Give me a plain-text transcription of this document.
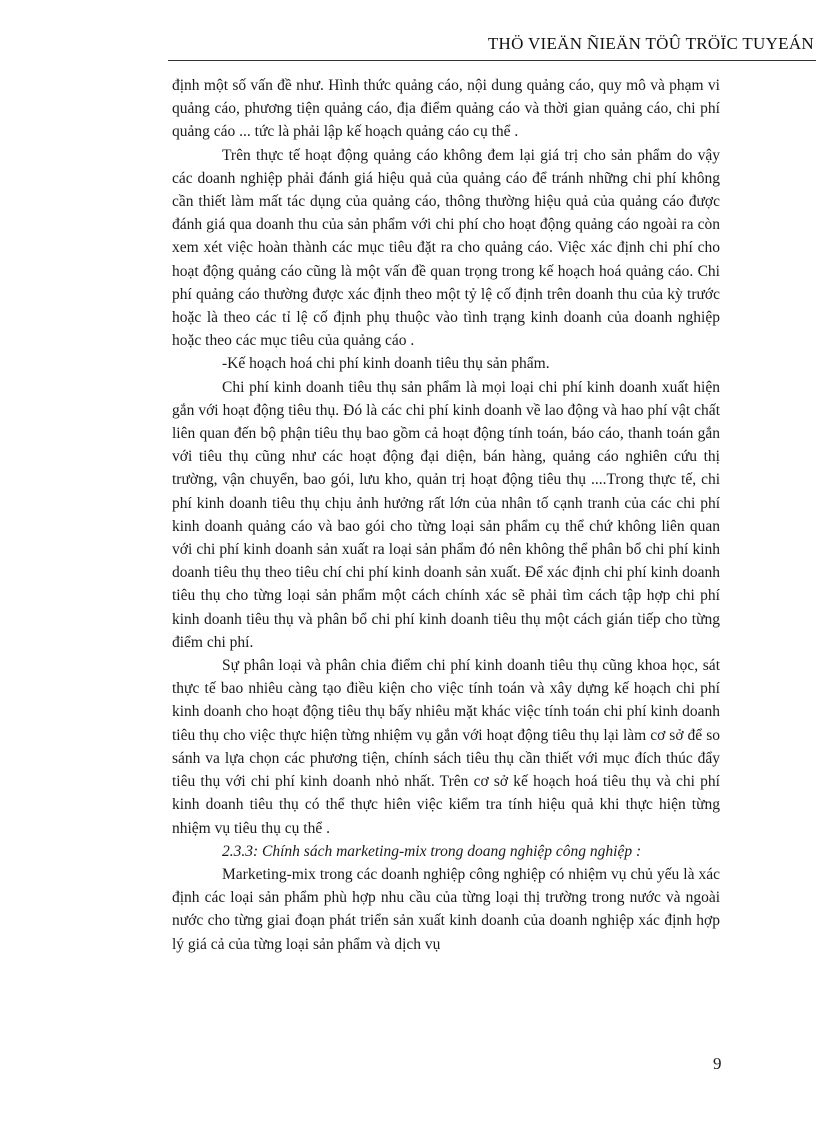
THÖ VIEÄN ÑIEÄN TÖÛ TRÖÏC TUYEÁN

định một số vấn đề như. Hình thức quảng cáo, nội dung quảng cáo, quy mô và phạm vi quảng cáo, phương tiện quảng cáo, địa điểm quảng cáo và thời gian quảng cáo, chi phí quảng cáo ... tức là phải lập kế hoạch quảng cáo cụ thể .

Trên thực tế hoạt động quảng cáo không đem lại giá trị cho sản phẩm do vậy các doanh nghiệp phải đánh giá hiệu quả của quảng cáo để tránh những chi phí không cần thiết làm mất tác dụng của quảng cáo, thông thường hiệu quả của quảng cáo được đánh giá qua doanh thu của sản phẩm với chi phí cho hoạt động quảng cáo ngoài ra còn xem xét việc hoàn thành các mục tiêu đặt ra cho quảng cáo. Việc xác định chi phí cho hoạt động quảng cáo cũng là một vấn đề quan trọng trong kế hoạch hoá quảng cáo. Chi phí quảng cáo thường được xác định theo một tỷ lệ cố định trên doanh thu của kỳ trước hoặc là theo các tỉ lệ cố định phụ thuộc vào tình trạng kinh doanh của doanh nghiệp hoặc theo các mục tiêu của quảng cáo .

-Kế hoạch hoá chi phí kinh doanh tiêu thụ sản phẩm.

Chi phí kinh doanh tiêu thụ sản phẩm là mọi loại chi phí kinh doanh xuất hiện gắn với hoạt động tiêu thụ. Đó là các chi phí kinh doanh về lao động và hao phí vật chất liên quan đến bộ phận tiêu thụ bao gồm cả hoạt động tính toán, báo cáo, thanh toán gắn với tiêu thụ cũng như các hoạt động đại diện, bán hàng, quảng cáo nghiên cứu thị trường, vận chuyển, bao gói, lưu kho, quản trị hoạt động tiêu thụ ....Trong thực tế, chi phí kinh doanh tiêu thụ chịu ảnh hưởng rất lớn của nhân tố cạnh tranh của các chi phí kinh doanh quảng cáo và bao gói cho từng loại sản phẩm cụ thể chứ không liên quan với chi phí kinh doanh sản xuất ra loại sản phẩm đó nên không thể phân bổ chi phí kinh doanh tiêu thụ theo tiêu chí chi phí kinh doanh sản xuất. Để xác định chi phí kinh doanh tiêu thụ cho từng loại sản phẩm một cách chính xác sẽ phải tìm cách tập hợp chi phí kinh doanh tiêu thụ và phân bổ chi phí kinh doanh tiêu thụ một cách gián tiếp cho từng điểm chi phí.

Sự phân loại và phân chia điểm chi phí kinh doanh tiêu thụ cũng khoa học, sát thực tế bao nhiêu càng tạo điều kiện cho việc tính toán và xây dựng kế hoạch chi phí kinh doanh cho hoạt động tiêu thụ bấy nhiêu mặt khác việc tính toán chi phí kinh doanh tiêu thụ cho việc thực hiện từng nhiệm vụ gắn với hoạt động tiêu thụ lại làm cơ sở để so sánh va lựa chọn các phương tiện, chính sách tiêu thụ cần thiết với mục đích thúc đẩy tiêu thụ với chi phí kinh doanh nhỏ nhất. Trên cơ sở kế hoạch hoá tiêu thụ và chi phí kinh doanh tiêu thụ có thể thực hiên việc kiểm tra tính hiệu quả khi thực hiện từng nhiệm vụ tiêu thụ cụ thể .

2.3.3: Chính sách marketing-mix trong doang nghiệp công nghiệp :

Marketing-mix trong các doanh nghiệp công nghiệp có nhiệm vụ chủ yếu là xác định các loại sản phẩm phù hợp nhu cầu của từng loại thị trường trong nước và ngoài nước cho từng giai đoạn phát triển sản xuất kinh doanh của doanh nghiệp xác định hợp lý giá cả của từng loại sản phẩm và dịch vụ

9
